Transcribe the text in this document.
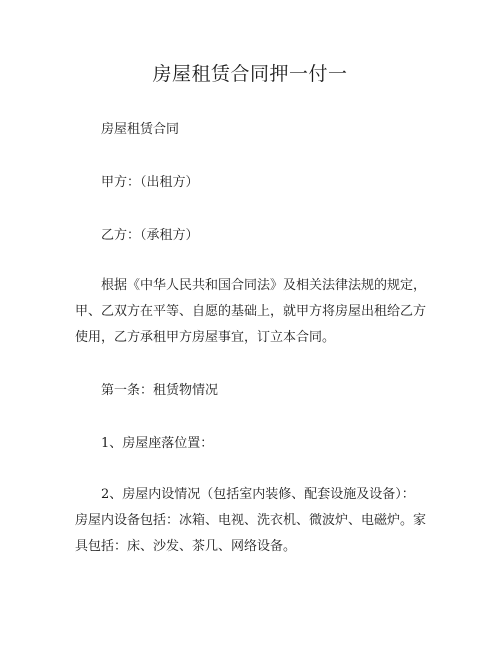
房屋租赁合同押一付一
房屋租赁合同
甲方：（出租方）
乙方：（承租方）
根据《中华人民共和国合同法》及相关法律法规的规定，
甲、乙双方在平等、自愿的基础上，就甲方将房屋出租给乙方
使用，乙方承租甲方房屋事宜，订立本合同。
第一条：租赁物情况
1、房屋座落位置：
2、房屋内设情况（包括室内装修、配套设施及设备）：
房屋内设备包括：冰箱、电视、洗衣机、微波炉、电磁炉。家
具包括：床、沙发、茶几、网络设备。
